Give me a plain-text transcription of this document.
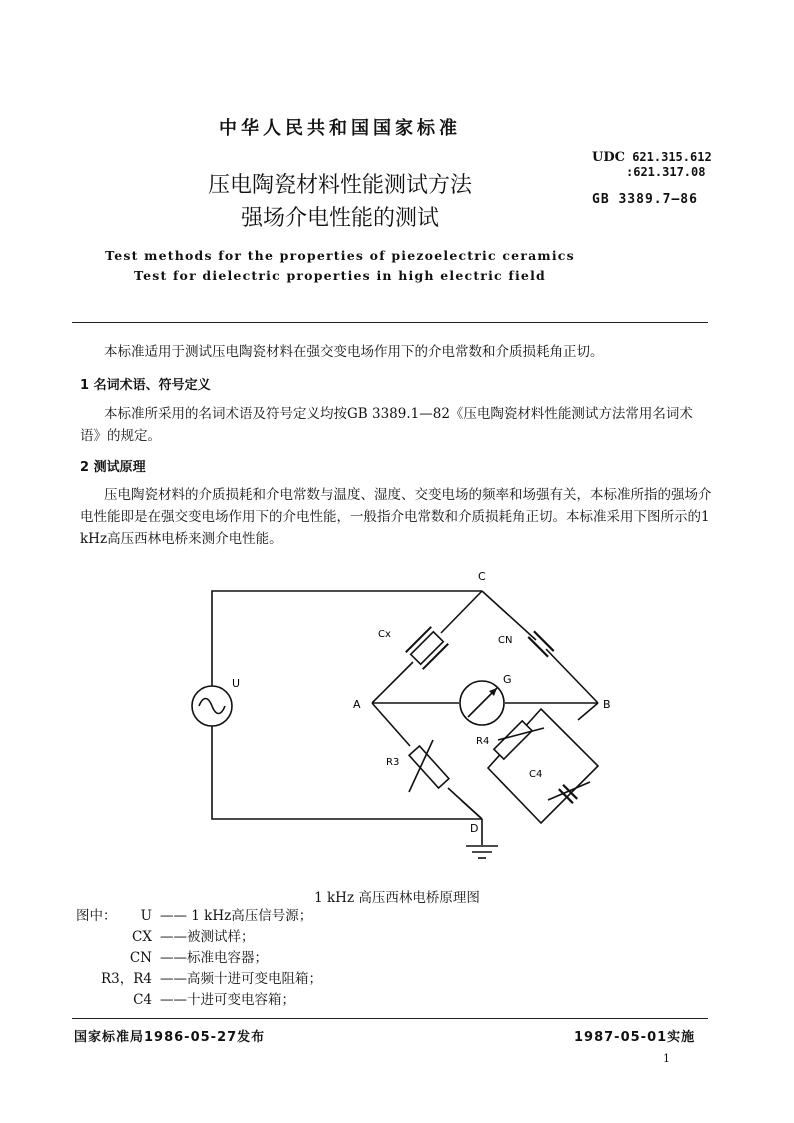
中华人民共和国国家标准
压电陶瓷材料性能测试方法
强场介电性能的测试
UDC 621.315.612
:621.317.08
GB 3389.7—86
Test methods for the properties of piezoelectric ceramics
Test for dielectric properties in high electric field
本标准适用于测试压电陶瓷材料在强交变电场作用下的介电常数和介质损耗角正切。
1 名词术语、符号定义
本标准所采用的名词术语及符号定义均按GB 3389.1—82《压电陶瓷材料性能测试方法常用名词术语》的规定。
2 测试原理
压电陶瓷材料的介质损耗和介电常数与温度、湿度、交变电场的频率和场强有关，本标准所指的强场介电性能即是在强交变电场作用下的介电性能，一般指介电常数和介质损耗角正切。本标准采用下图所示的1 kHz高压西林电桥来测介电性能。
C
D
A	B
U	G
Cx
CN
R3
R4
C4
1 kHz 高压西林电桥原理图
图中：	U —— 1 kHz高压信号源；
CX ——被测试样；
CN ——标准电容器；
R3，R4 ——高频十进可变电阻箱；
C4 ——十进可变电容箱；
国家标准局1986-05-27发布	1987-05-01实施
1
